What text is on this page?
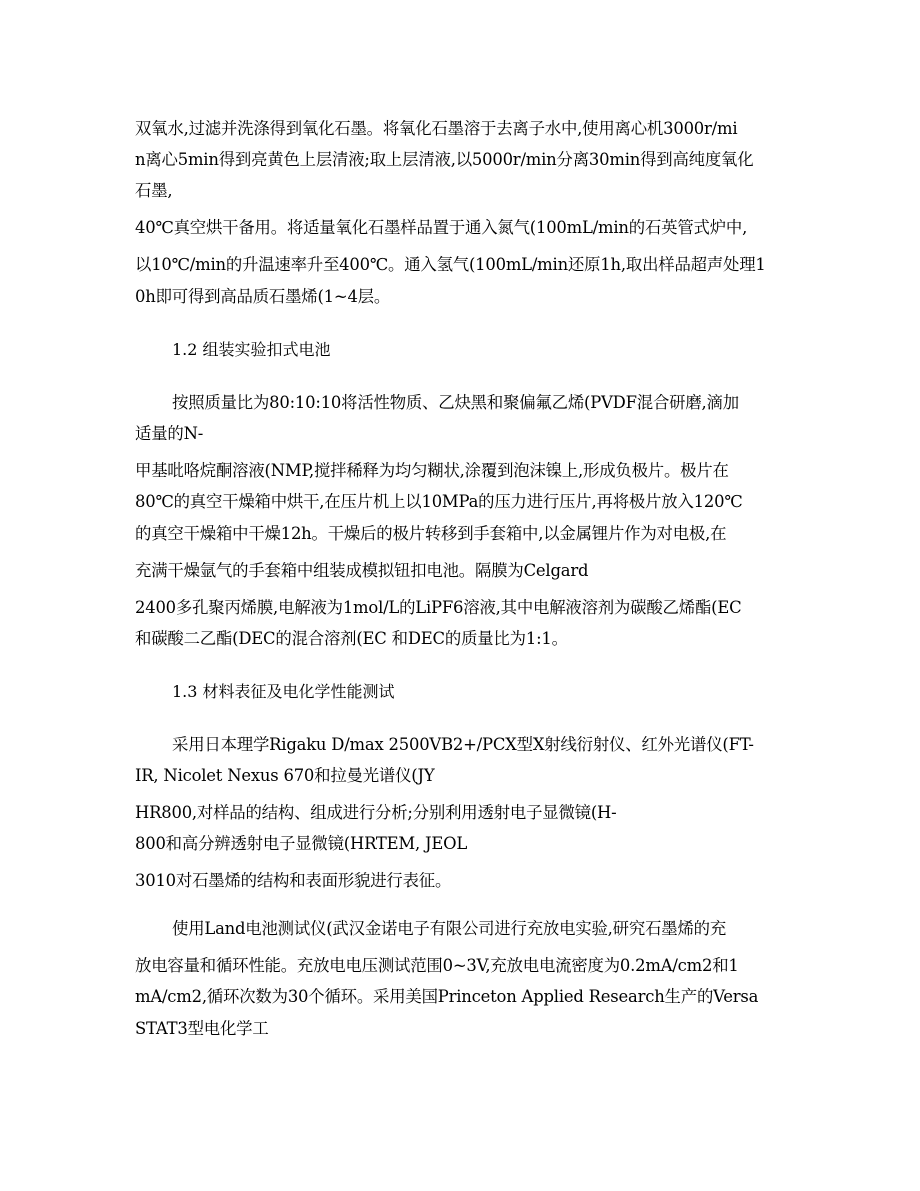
双氧水,过滤并洗涤得到氧化石墨。将氧化石墨溶于去离子水中,使用离心机3000r/mi
n离心5min得到亮黄色上层清液;取上层清液,以5000r/min分离30min得到高纯度氧化
石墨,
40℃真空烘干备用。将适量氧化石墨样品置于通入氮气(100mL/min的石英管式炉中,
以10℃/min的升温速率升至400℃。通入氢气(100mL/min还原1h,取出样品超声处理1
0h即可得到高品质石墨烯(1~4层。
1.2 组装实验扣式电池
按照质量比为80:10:10将活性物质、乙炔黑和聚偏氟乙烯(PVDF混合研磨,滴加
适量的N-
甲基吡咯烷酮溶液(NMP,搅拌稀释为均匀糊状,涂覆到泡沫镍上,形成负极片。极片在
80℃的真空干燥箱中烘干,在压片机上以10MPa的压力进行压片,再将极片放入120℃
的真空干燥箱中干燥12h。干燥后的极片转移到手套箱中,以金属锂片作为对电极,在
充满干燥氩气的手套箱中组装成模拟钮扣电池。隔膜为Celgard
2400多孔聚丙烯膜,电解液为1mol/L的LiPF6溶液,其中电解液溶剂为碳酸乙烯酯(EC
和碳酸二乙酯(DEC的混合溶剂(EC 和DEC的质量比为1:1。
1.3 材料表征及电化学性能测试
采用日本理学Rigaku D/max 2500VB2+/PCX型X射线衍射仪、红外光谱仪(FT-
IR, Nicolet Nexus 670和拉曼光谱仪(JY
HR800,对样品的结构、组成进行分析;分别利用透射电子显微镜(H-
800和高分辨透射电子显微镜(HRTEM, JEOL
3010对石墨烯的结构和表面形貌进行表征。
使用Land电池测试仪(武汉金诺电子有限公司进行充放电实验,研究石墨烯的充
放电容量和循环性能。充放电电压测试范围0~3V,充放电电流密度为0.2mA/cm2和1
mA/cm2,循环次数为30个循环。采用美国Princeton Applied Research生产的Versa
STAT3型电化学工
